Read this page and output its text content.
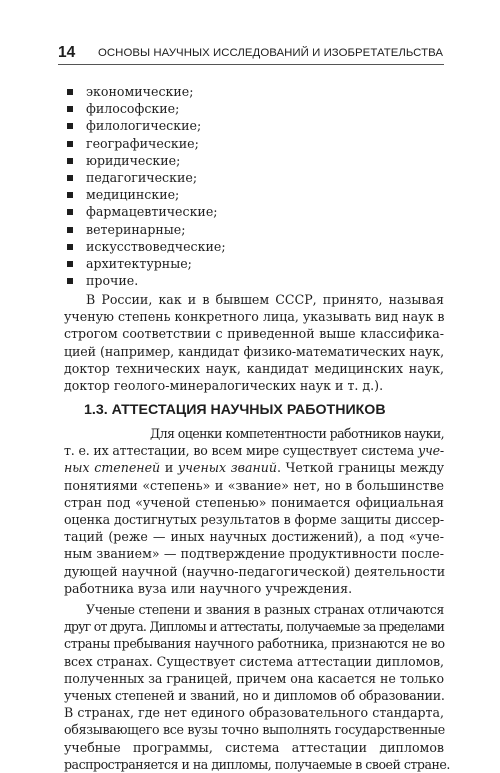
14 ОСНОВЫ НАУЧНЫХ ИССЛЕДОВАНИЙ И ИЗОБРЕТАТЕЛЬСТВА
экономические;
философские;
филологические;
географические;
юридические;
педагогические;
медицинские;
фармацевтические;
ветеринарные;
искусствоведческие;
архитектурные;
прочие.
В России, как и в бывшем СССР, принято, называя
ученую степень конкретного лица, указывать вид наук в
строгом соответствии с приведенной выше классифика-
цией (например, кандидат физико-математических наук,
доктор технических наук, кандидат медицинских наук,
доктор геолого-минералогических наук и т. д.).
1.3. АТТЕСТАЦИЯ НАУЧНЫХ РАБОТНИКОВ
Для оценки компетентности работников науки,
т. е. их аттестации, во всем мире существует система уче-
ных степеней и ученых званий. Четкой границы между
понятиями «степень» и «звание» нет, но в большинстве
стран под «ученой степенью» понимается официальная
оценка достигнутых результатов в форме защиты диссер-
таций (реже — иных научных достижений), а под «уче-
ным званием» — подтверждение продуктивности после-
дующей научной (научно-педагогической) деятельности
работника вуза или научного учреждения.
Ученые степени и звания в разных странах отличаются
друг от друга. Дипломы и аттестаты, получаемые за пределами
страны пребывания научного работника, признаются не во
всех странах. Существует система аттестации дипломов,
полученных за границей, причем она касается не только
ученых степеней и званий, но и дипломов об образовании.
В странах, где нет единого образовательного стандарта,
обязывающего все вузы точно выполнять государственные
учебные программы, система аттестации дипломов
распространяется и на дипломы, получаемые в своей стране.
